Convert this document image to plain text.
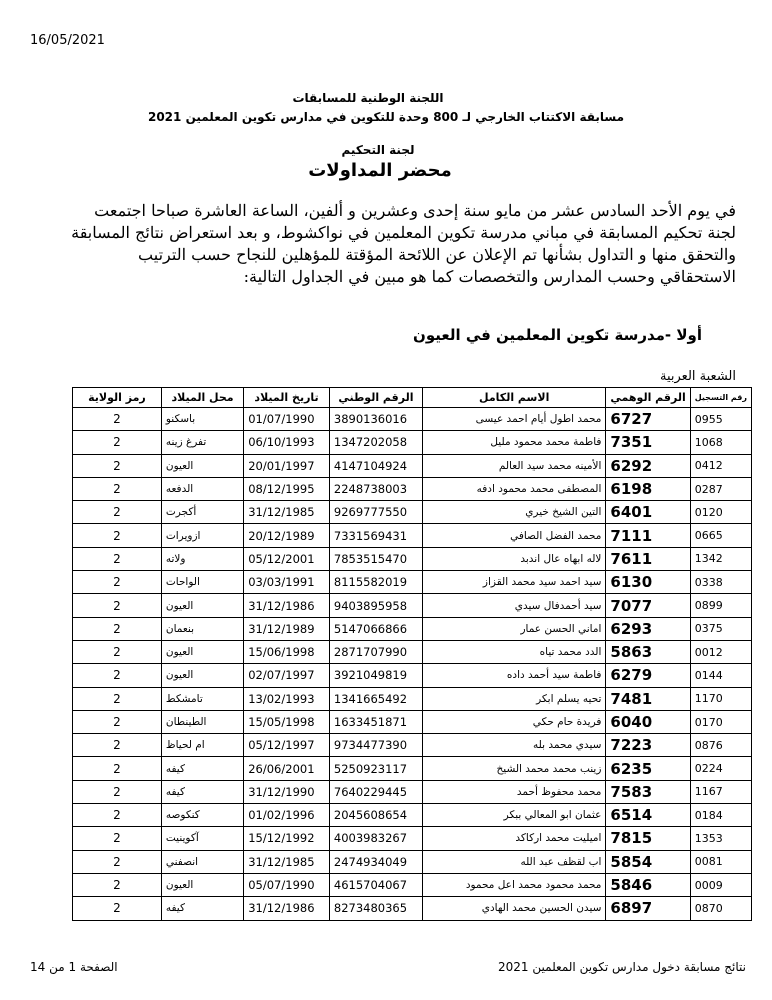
16/05/2021
اللجنة الوطنية للمسابقات
مسابقة الاكتتاب الخارجي لـ 800 وحدة للتكوين في مدارس تكوين المعلمين 2021
لجنة التحكيم
محضر المداولات
في يوم الأحد السادس عشر من مايو سنة إحدى وعشرين و ألفين، الساعة العاشرة صباحا اجتمعت لجنة تحكيم المسابقة في مباني مدرسة تكوين المعلمين في نواكشوط، و بعد استعراض نتائج المسابقة والتحقق منها و التداول بشأنها تم الإعلان عن اللائحة المؤقتة للمؤهلين للنجاح حسب الترتيب الاستحقاقي وحسب المدارس والتخصصات كما هو مبين في الجداول التالية:
أولا -مدرسة تكوين المعلمين في العيون
الشعبة العربية
رقم التسجيل	الرقم الوهمي	الاسم الكامل	الرقم الوطني	تاريخ الميلاد	محل الميلاد	رمز الولاية
0955	6727	محمد اطول أيام احمد عيسى	3890136016	01/07/1990	باسكنو	2
1068	7351	فاطمة محمد محمود مليل	1347202058	06/10/1993	تفرغ زينه	2
0412	6292	الأمينه محمد سيد العالم	4147104924	20/01/1997	العيون	2
0287	6198	المصطفى محمد محمود ادفه	2248738003	08/12/1995	الدفعه	2
0120	6401	التين الشيخ خيري	9269777550	31/12/1985	أكجرت	2
0665	7111	محمد الفضل الصافي	7331569431	20/12/1989	ازويرات	2
1342	7611	لاله ابهاه عال اندبد	7853515470	05/12/2001	ولاته	2
0338	6130	سيد احمد سيد محمد القزاز	8115582019	03/03/1991	الواحات	2
0899	7077	سيد أحمدفال سيدي	9403895958	31/12/1986	العيون	2
0375	6293	اماني الحسن عمار	5147066866	31/12/1989	بنعمان	2
0012	5863	الدد محمد تياه	2871707990	15/06/1998	العيون	2
0144	6279	فاطمة سيد أحمد داده	3921049819	02/07/1997	العيون	2
1170	7481	تحيه يسلم ابكر	1341665492	13/02/1993	تامشكط	2
0170	6040	فريدة حام حكي	1633451871	15/05/1998	الطينطان	2
0876	7223	سيدي محمد بله	9734477390	05/12/1997	ام لحياظ	2
0224	6235	زينب محمد محمد الشيخ	5250923117	26/06/2001	كيفه	2
1167	7583	محمد محفوظ أحمد	7640229445	31/12/1990	كيفه	2
0184	6514	عثمان ابو المعالي ببكر	2045608654	01/02/1996	كنكوصه	2
1353	7815	اميليت محمد اركاكد	4003983267	15/12/1992	آكوينيت	2
0081	5854	اب لقظف عبد الله	2474934049	31/12/1985	انصفني	2
0009	5846	محمد محمود محمد اعل محمود	4615704067	05/07/1990	العيون	2
0870	6897	سيدن الحسين محمد الهادي	8273480365	31/12/1986	كيفه	2
الصفحة 1 من 14	نتائج مسابقة دخول مدارس تكوين المعلمين 2021
